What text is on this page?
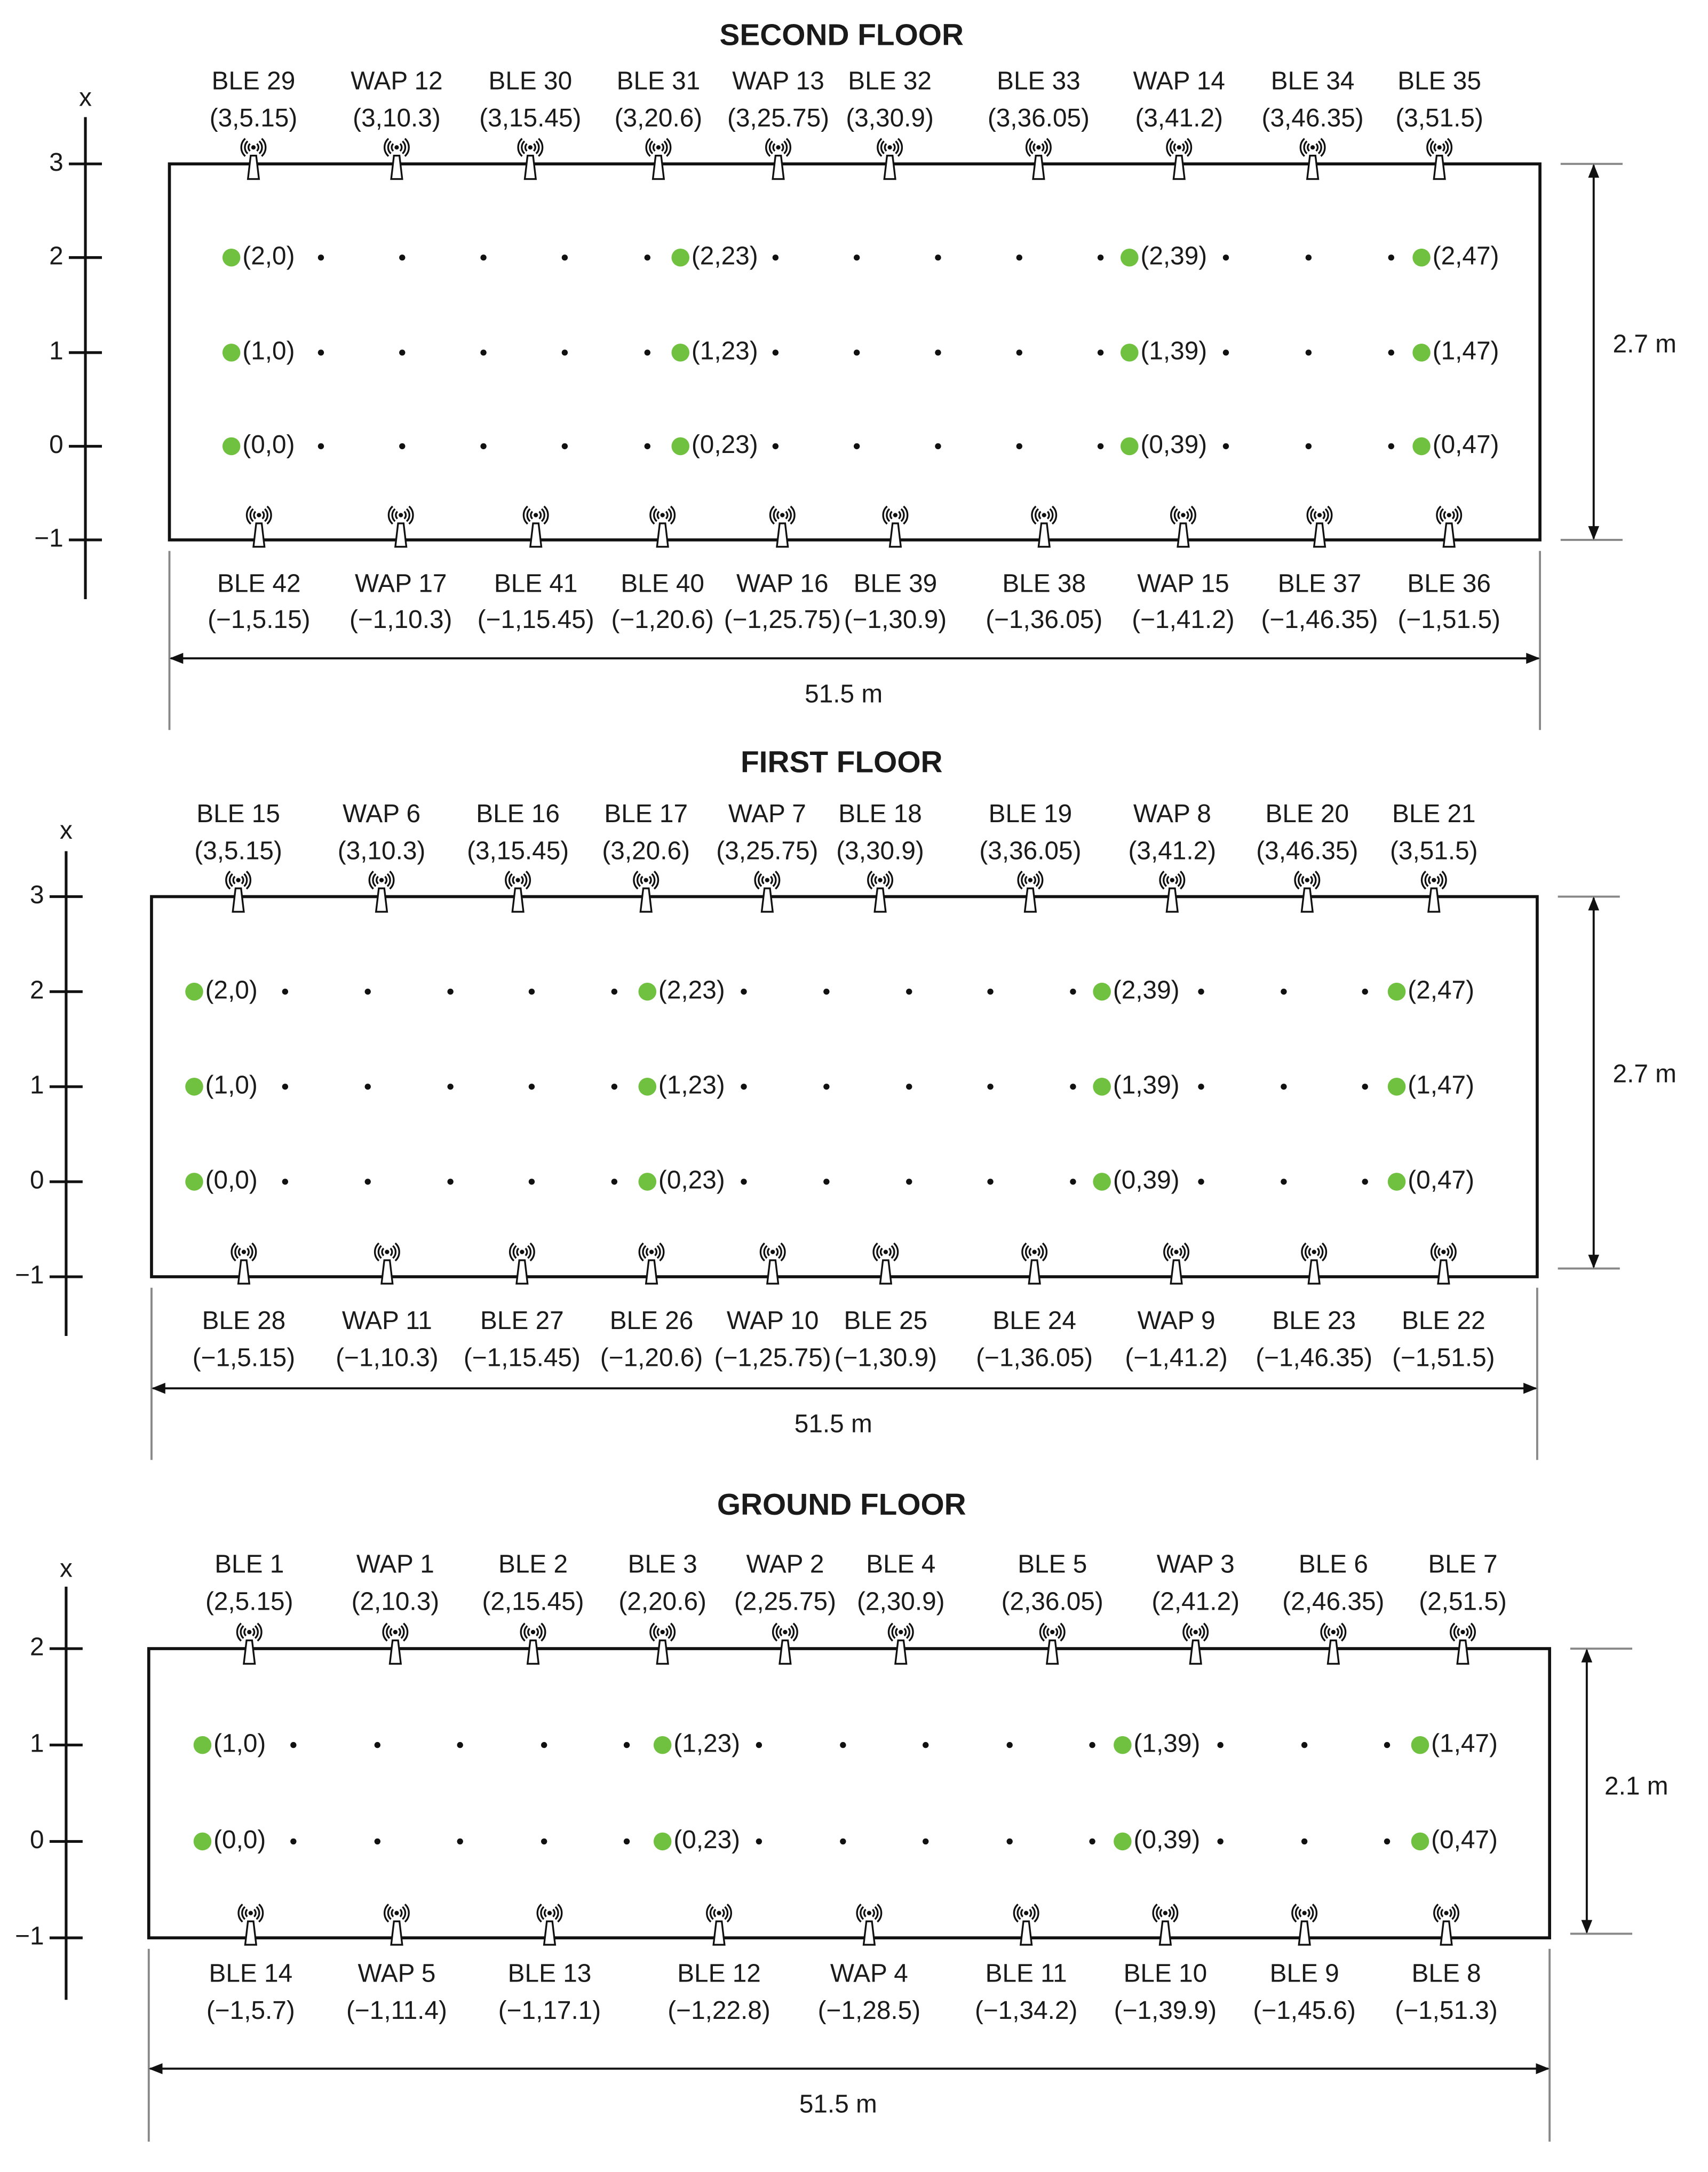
SECOND FLOOR
x
3
2
1
0
−1
(2,0)	(2,23)	(2,39)	(2,47)
(1,0)	(1,23)	(1,39)	(1,47)
(0,0)	(0,23)	(0,39)	(0,47)
BLE 29
(3,5.15)
WAP 12
(3,10.3)
BLE 30
(3,15.45)
BLE 31
(3,20.6)
WAP 13
(3,25.75)
BLE 32
(3,30.9)
BLE 33
(3,36.05)
WAP 14
(3,41.2)
BLE 34
(3,46.35)
BLE 35
(3,51.5)
BLE 42
(−1,5.15)
WAP 17
(−1,10.3)
BLE 41
(−1,15.45)
BLE 40
(−1,20.6)
WAP 16
(−1,25.75)
BLE 39
(−1,30.9)
BLE 38
(−1,36.05)
WAP 15
(−1,41.2)
BLE 37
(−1,46.35)
BLE 36
(−1,51.5)
51.5 m
2.7 m
FIRST FLOOR
x
3
2
1
0
−1
(2,0)	(2,23)	(2,39)	(2,47)
(1,0)	(1,23)	(1,39)	(1,47)
(0,0)	(0,23)	(0,39)	(0,47)
BLE 15
(3,5.15)
WAP 6
(3,10.3)
BLE 16
(3,15.45)
BLE 17
(3,20.6)
WAP 7
(3,25.75)
BLE 18
(3,30.9)
BLE 19
(3,36.05)
WAP 8
(3,41.2)
BLE 20
(3,46.35)
BLE 21
(3,51.5)
BLE 28
(−1,5.15)
WAP 11
(−1,10.3)
BLE 27
(−1,15.45)
BLE 26
(−1,20.6)
WAP 10
(−1,25.75)
BLE 25
(−1,30.9)
BLE 24
(−1,36.05)
WAP 9
(−1,41.2)
BLE 23
(−1,46.35)
BLE 22
(−1,51.5)
51.5 m
2.7 m
GROUND FLOOR
x
2
1
0
−1
(1,0)	(1,23)	(1,39)	(1,47)
(0,0)	(0,23)	(0,39)	(0,47)
BLE 1
(2,5.15)
WAP 1
(2,10.3)
BLE 2
(2,15.45)
BLE 3
(2,20.6)
WAP 2
(2,25.75)
BLE 4
(2,30.9)
BLE 5
(2,36.05)
WAP 3
(2,41.2)
BLE 6
(2,46.35)
BLE 7
(2,51.5)
BLE 14
(−1,5.7)
WAP 5
(−1,11.4)
BLE 13
(−1,17.1)
BLE 12
(−1,22.8)
WAP 4
(−1,28.5)
BLE 11
(−1,34.2)
BLE 10
(−1,39.9)
BLE 9
(−1,45.6)
BLE 8
(−1,51.3)
51.5 m
2.1 m
